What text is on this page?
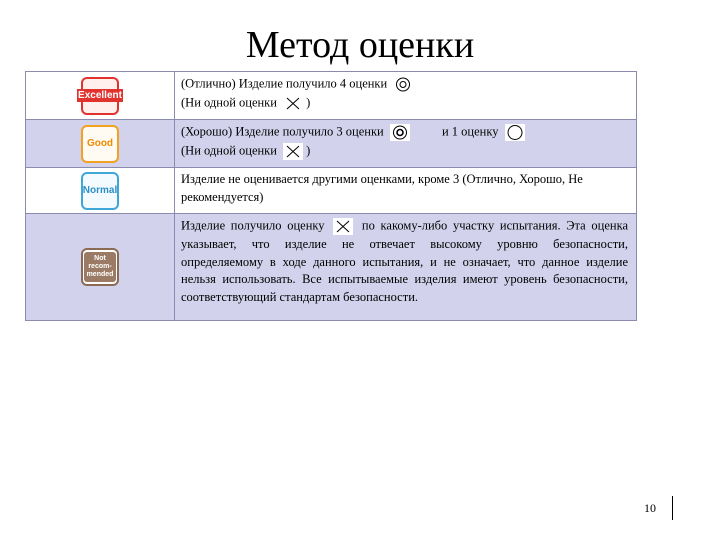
Метод оценки
Excellent
(Отлично) Изделие получило 4 оценки
(Ни одной оценки )
Good
(Хорошо) Изделие получило 3 оценки	и 1 оценку
(Ни одной оценки )
Normal
Изделие не оценивается другими оценками, кроме 3 (Отлично, Хорошо, Не рекомендуется)
Not recom-mended
Изделие получило оценку	по какому-либо участку испытания. Эта оценка указывает, что изделие не отвечает высокому уровню безопасности, определяемому в ходе данного испытания, и не означает, что данное изделие нельзя использовать. Все испытываемые изделия имеют уровень безопасности, соответствующий стандартам безопасности.
10
